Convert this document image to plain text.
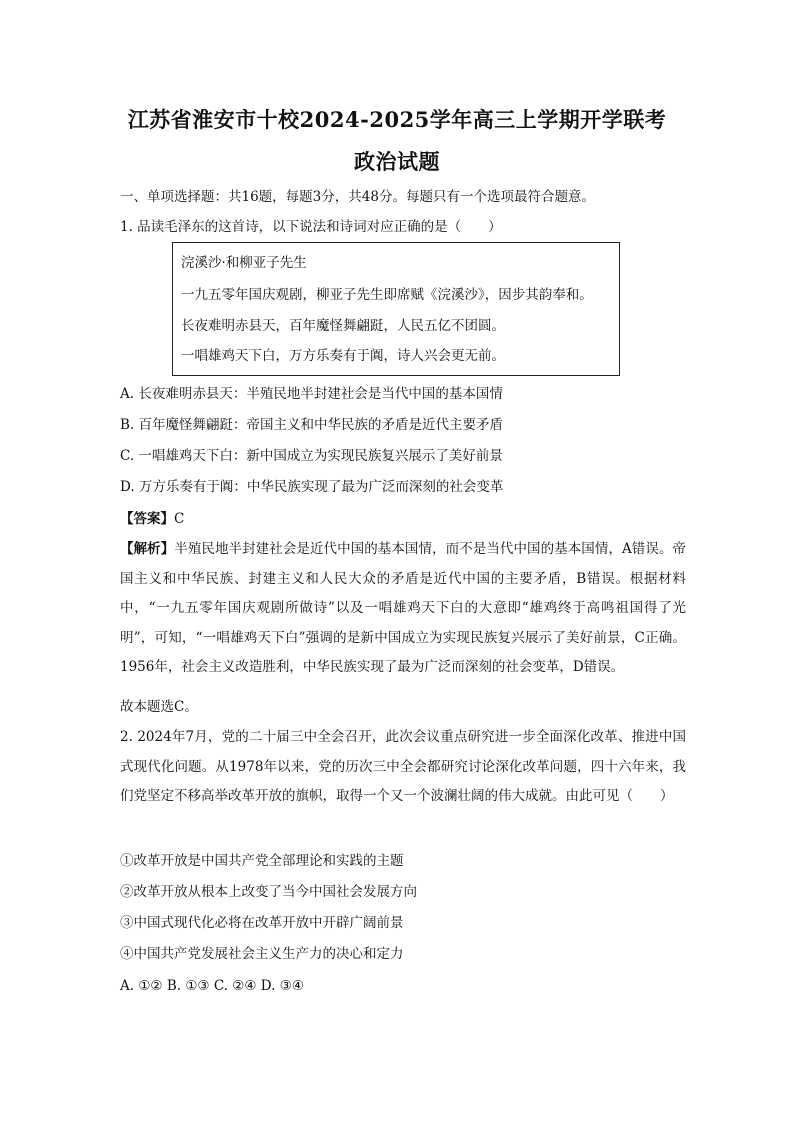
江苏省淮安市十校2024-2025学年高三上学期开学联考
政治试题
一、单项选择题：共16题，每题3分，共48分。每题只有一个选项最符合题意。
1. 品读毛泽东的这首诗，以下说法和诗词对应正确的是（　　）
浣溪沙·和柳亚子先生
一九五零年国庆观剧，柳亚子先生即席赋《浣溪沙》，因步其韵奉和。
长夜难明赤县天，百年魔怪舞翩跹，人民五亿不团圆。
一唱雄鸡天下白，万方乐奏有于阗，诗人兴会更无前。
A. 长夜难明赤县天：半殖民地半封建社会是当代中国的基本国情
B. 百年魔怪舞翩跹：帝国主义和中华民族的矛盾是近代主要矛盾
C. 一唱雄鸡天下白：新中国成立为实现民族复兴展示了美好前景
D. 万方乐奏有于阗：中华民族实现了最为广泛而深刻的社会变革
【答案】C
【解析】半殖民地半封建社会是近代中国的基本国情，而不是当代中国的基本国情，A错误。帝国主义和中华民族、封建主义和人民大众的矛盾是近代中国的主要矛盾，B错误。根据材料中，“一九五零年国庆观剧所做诗”以及一唱雄鸡天下白的大意即“雄鸡终于高鸣祖国得了光明”，可知，“一唱雄鸡天下白”强调的是新中国成立为实现民族复兴展示了美好前景，C正确。1956年，社会主义改造胜利，中华民族实现了最为广泛而深刻的社会变革，D错误。
故本题选C。
2. 2024年7月，党的二十届三中全会召开，此次会议重点研究进一步全面深化改革、推进中国式现代化问题。从1978年以来，党的历次三中全会都研究讨论深化改革问题，四十六年来，我们党坚定不移高举改革开放的旗帜，取得一个又一个波澜壮阔的伟大成就。由此可见（　　）
①改革开放是中国共产党全部理论和实践的主题
②改革开放从根本上改变了当今中国社会发展方向
③中国式现代化必将在改革开放中开辟广阔前景
④中国共产党发展社会主义生产力的决心和定力
A. ①② B. ①③ C. ②④ D. ③④
